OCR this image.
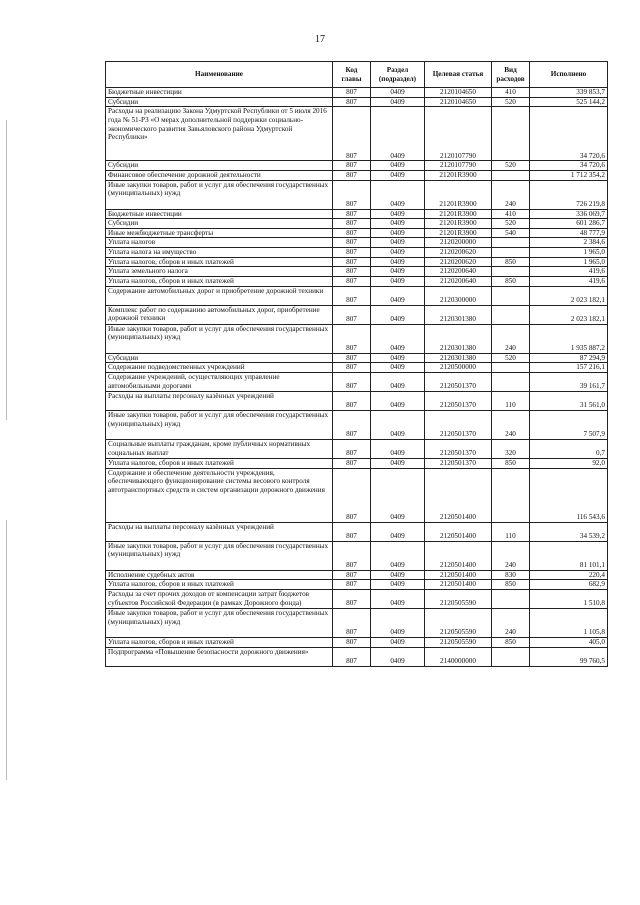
17
Наименование	Код главы	Раздел (подраздел)	Целевая статья	Вид расходов	Исполнено
Бюджетные инвестиции	807	0409	2120104650	410	339 853,7
Субсидии	807	0409	2120104650	520	525 144,2
Расходы на реализацию Закона Удмуртской Республики от 5 июля 2016 года № 51-РЗ «О мерах дополнительной поддержки социально-экономического развития Завьяловского района Удмуртской Республики»	807	0409	2120107790		34 720,6
Субсидии	807	0409	2120107790	520	34 720,6
Финансовое обеспечение дорожной деятельности	807	0409	21201R3900		1 712 354,2
Иные закупки товаров, работ и услуг для обеспечения государственных (муниципальных) нужд	807	0409	21201R3900	240	726 219,8
Бюджетные инвестиции	807	0409	21201R3900	410	336 069,7
Субсидии	807	0409	21201R3900	520	601 286,7
Иные межбюджетные трансферты	807	0409	21201R3900	540	48 777,9
Уплата налогов	807	0409	2120200000		2 384,6
Уплата налога на имущество	807	0409	2120200620		1 965,0
Уплата налогов, сборов и иных платежей	807	0409	2120200620	850	1 965,0
Уплата земельного налога	807	0409	2120200640		419,6
Уплата налогов, сборов и иных платежей	807	0409	2120200640	850	419,6
Содержание автомобильных дорог и приобретение дорожной техники	807	0409	2120300000		2 023 182,1
Комплекс работ по содержанию автомобильных дорог, приобретение дорожной техники	807	0409	2120301380		2 023 182,1
Иные закупки товаров, работ и услуг для обеспечения государственных (муниципальных) нужд	807	0409	2120301380	240	1 935 887,2
Субсидии	807	0409	2120301380	520	87 294,9
Содержание подведомственных учреждений	807	0409	2120500000		157 216,1
Содержание учреждений, осуществляющих управление автомобильными дорогами	807	0409	2120501370		39 161,7
Расходы на выплаты персоналу казённых учреждений	807	0409	2120501370	110	31 561,0
Иные закупки товаров, работ и услуг для обеспечения государственных (муниципальных) нужд	807	0409	2120501370	240	7 507,9
Социальные выплаты гражданам, кроме публичных нормативных социальных выплат	807	0409	2120501370	320	0,7
Уплата налогов, сборов и иных платежей	807	0409	2120501370	850	92,0
Содержание и обеспечение деятельности учреждения, обеспечивающего функционирование системы весового контроля автотранспортных средств и систем организации дорожного движения	807	0409	2120501400		116 543,6
Расходы на выплаты персоналу казённых учреждений	807	0409	2120501400	110	34 539,2
Иные закупки товаров, работ и услуг для обеспечения государственных (муниципальных) нужд	807	0409	2120501400	240	81 101,1
Исполнение судебных актов	807	0409	2120501400	830	220,4
Уплата налогов, сборов и иных платежей	807	0409	2120501400	850	682,9
Расходы за счет прочих доходов от компенсации затрат бюджетов субъектов Российской Федерации (в рамках Дорожного фонда)	807	0409	2120505590		1 510,8
Иные закупки товаров, работ и услуг для обеспечения государственных (муниципальных) нужд	807	0409	2120505590	240	1 105,8
Уплата налогов, сборов и иных платежей	807	0409	2120505590	850	405,0
Подпрограмма «Повышение безопасности дорожного движения»	807	0409	2140000000		99 760,5
